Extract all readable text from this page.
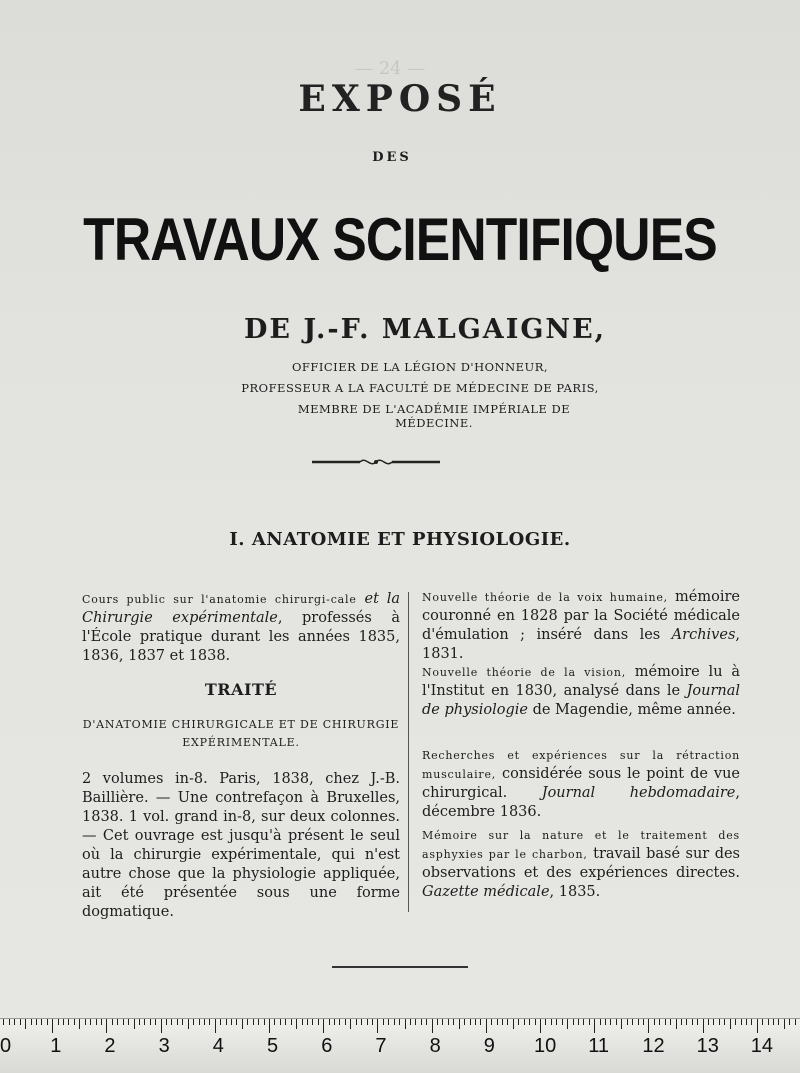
— 24 —
EXPOSÉ
DES
TRAVAUX SCIENTIFIQUES
DE J.-F. MALGAIGNE,
OFFICIER DE LA LÉGION D'HONNEUR,
PROFESSEUR A LA FACULTÉ DE MÉDECINE DE PARIS,
MEMBRE DE L'ACADÉMIE IMPÉRIALE DE MÉDECINE.
I. ANATOMIE ET PHYSIOLOGIE.
Cours public sur l'anatomie chirurgi-cale et la Chirurgie expérimentale, professés à l'École pratique durant les années 1835, 1836, 1837 et 1838.
TRAITÉ
D'ANATOMIE CHIRURGICALE ET DE CHIRURGIE EXPÉRIMENTALE.
2 volumes in-8. Paris, 1838, chez J.-B. Baillière. — Une contrefaçon à Bruxelles, 1838. 1 vol. grand in-8, sur deux colonnes. — Cet ouvrage est jusqu'à présent le seul où la chirurgie expérimentale, qui n'est autre chose que la physiologie appliquée, ait été présentée sous une forme dogmatique.
Nouvelle théorie de la voix humaine, mémoire couronné en 1828 par la Société médicale d'émulation ; inséré dans les Archives, 1831.
Nouvelle théorie de la vision, mémoire lu à l'Institut en 1830, analysé dans le Journal de physiologie de Magendie, même année.
Recherches et expériences sur la rétraction musculaire, considérée sous le point de vue chirurgical. Journal hebdomadaire, décembre 1836.
Mémoire sur la nature et le traitement des asphyxies par le charbon, travail basé sur des observations et des expériences directes. Gazette médicale, 1835.
0 1 2 3 4 5 6 7 8 9 10 11 12 13 14
